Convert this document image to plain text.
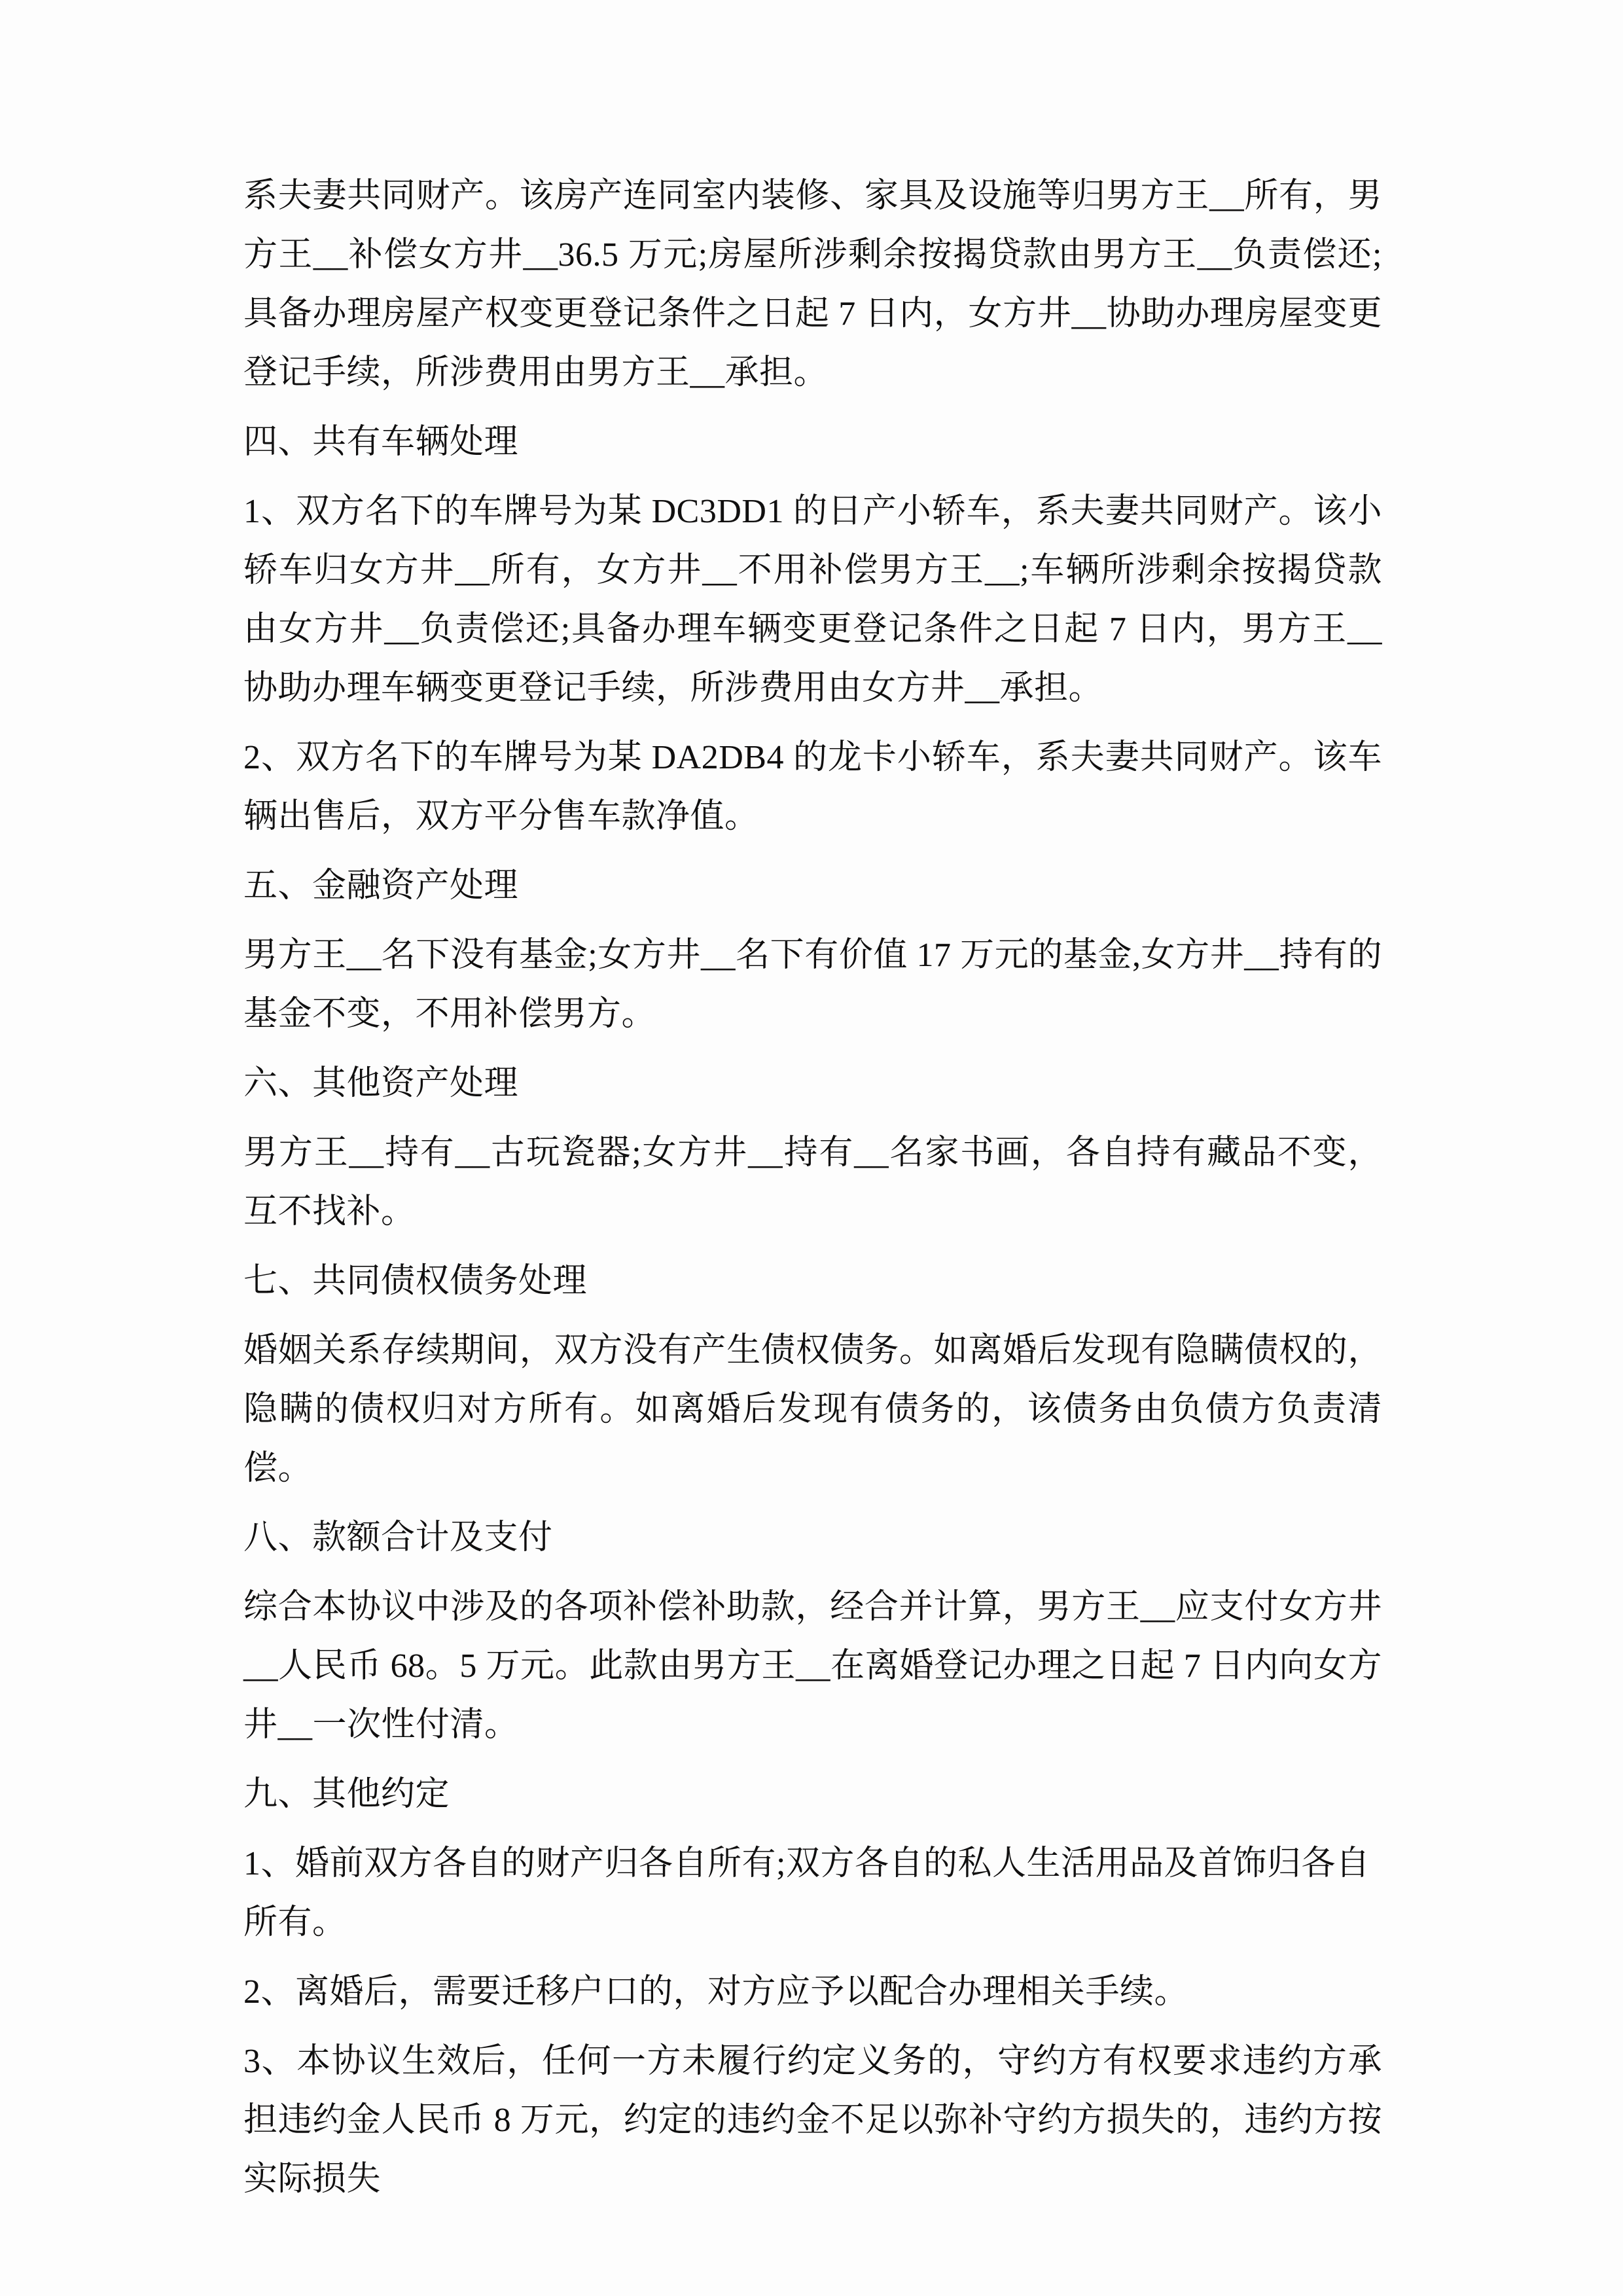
系夫妻共同财产。该房产连同室内装修、家具及设施等归男方王__所有，男方王__补偿女方井__36.5 万元;房屋所涉剩余按揭贷款由男方王__负责偿还;具备办理房屋产权变更登记条件之日起 7 日内，女方井__协助办理房屋变更登记手续，所涉费用由男方王__承担。

四、共有车辆处理

1、双方名下的车牌号为某 DC3DD1 的日产小轿车，系夫妻共同财产。该小轿车归女方井__所有，女方井__不用补偿男方王__;车辆所涉剩余按揭贷款由女方井__负责偿还;具备办理车辆变更登记条件之日起 7 日内，男方王__协助办理车辆变更登记手续，所涉费用由女方井__承担。

2、双方名下的车牌号为某 DA2DB4 的龙卡小轿车，系夫妻共同财产。该车辆出售后，双方平分售车款净值。

五、金融资产处理

男方王__名下没有基金;女方井__名下有价值 17 万元的基金,女方井__持有的基金不变，不用补偿男方。

六、其他资产处理

男方王__持有__古玩瓷器;女方井__持有__名家书画，各自持有藏品不变，互不找补。

七、共同债权债务处理

婚姻关系存续期间，双方没有产生债权债务。如离婚后发现有隐瞒债权的，隐瞒的债权归对方所有。如离婚后发现有债务的，该债务由负债方负责清偿。

八、款额合计及支付

综合本协议中涉及的各项补偿补助款，经合并计算，男方王__应支付女方井__人民币 68。5 万元。此款由男方王__在离婚登记办理之日起 7 日内向女方井__一次性付清。

九、其他约定

1、婚前双方各自的财产归各自所有;双方各自的私人生活用品及首饰归各自所有。

2、离婚后，需要迁移户口的，对方应予以配合办理相关手续。

3、本协议生效后，任何一方未履行约定义务的，守约方有权要求违约方承担违约金人民币 8 万元，约定的违约金不足以弥补守约方损失的，违约方按实际损失
